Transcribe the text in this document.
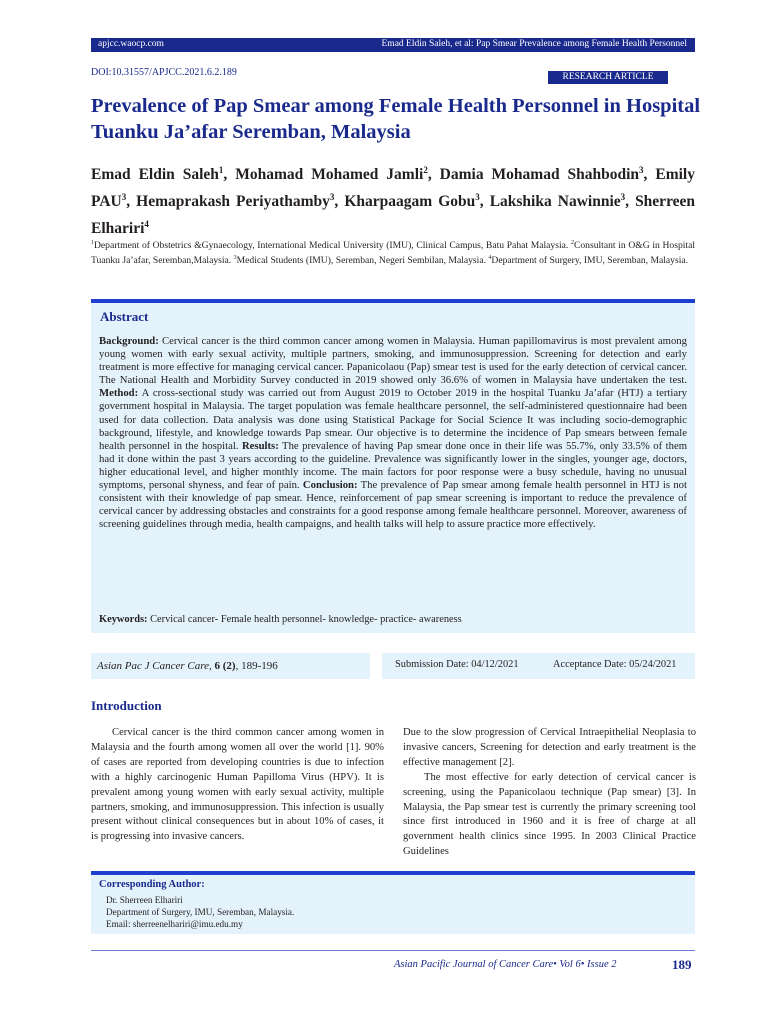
apjcc.waocp.com	Emad Eldin Saleh, et al: Pap Smear Prevalence among Female Health Personnel
DOI:10.31557/APJCC.2021.6.2.189	RESEARCH ARTICLE
Prevalence of Pap Smear among Female Health Personnel in Hospital Tuanku Ja’afar Seremban, Malaysia

Emad Eldin Saleh$^1$, Mohamad Mohamed Jamli$^2$, Damia Mohamad Shahbodin$^3$, Emily PAU$^3$, Hemaprakash Periyathamby$^3$, Kharpaagam Gobu$^3$, Lakshika Nawinnie$^3$, Sherreen Elhariri$^4$

$^1$Department of Obstetrics &Gynaecology, International Medical University (IMU), Clinical Campus, Batu Pahat Malaysia. $^2$Consultant in O&G in Hospital Tuanku Ja’afar, Seremban,Malaysia. $^3$Medical Students (IMU), Seremban, Negeri Sembilan, Malaysia. $^4$Department of Surgery, IMU, Seremban, Malaysia.

Abstract

Background: Cervical cancer is the third common cancer among women in Malaysia. Human papillomavirus is most prevalent among young women with early sexual activity, multiple partners, smoking, and immunosuppression. Screening for detection and early treatment is more effective for managing cervical cancer. Papanicolaou (Pap) smear test is used for the early detection of cervical cancer. The National Health and Morbidity Survey conducted in 2019 showed only 36.6% of women in Malaysia have undertaken the test. Method: A cross-sectional study was carried out from August 2019 to October 2019 in the hospital Tuanku Ja’afar (HTJ) a tertiary government hospital in Malaysia. The target population was female healthcare personnel, the self-administered questionnaire had been used for data collection. Data analysis was done using Statistical Package for Social Science It was including socio-demographic background, lifestyle, and knowledge towards Pap smear. Our objective is to determine the incidence of Pap smears between female health personnel in the hospital. Results: The prevalence of having Pap smear done once in their life was 55.7%, only 33.5% of them had it done within the past 3 years according to the guideline. Prevalence was significantly lower in the singles, younger age, doctors, higher educational level, and higher monthly income. The main factors for poor response were a busy schedule, having no unusual symptoms, personal shyness, and fear of pain. Conclusion: The prevalence of Pap smear among female health personnel in HTJ is not consistent with their knowledge of pap smear. Hence, reinforcement of pap smear screening is important to reduce the prevalence of cervical cancer by addressing obstacles and constraints for a good response among female healthcare personnel. Moreover, awareness of screening guidelines through media, health campaigns, and health talks will help to assure practice more effectively.

Keywords: Cervical cancer- Female health personnel- knowledge- practice- awareness

Asian Pac J Cancer Care, 6 (2), 189-196	Submission Date: 04/12/2021	Acceptance Date: 05/24/2021
Introduction

Cervical cancer is the third common cancer among women in Malaysia and the fourth among women all over the world [1]. 90% of cases are reported from developing countries is due to infection with a highly carcinogenic Human Papilloma Virus (HPV). It is prevalent among young women with early sexual activity, multiple partners, smoking, and immunosuppression. This infection is usually present without clinical consequences but in about 10% of cases, it is progressing into invasive cancers.

Due to the slow progression of Cervical Intraepithelial Neoplasia to invasive cancers, Screening for detection and early treatment is the effective management [2].

The most effective for early detection of cervical cancer is screening, using the Papanicolaou technique (Pap smear) [3]. In Malaysia, the Pap smear test is currently the primary screening tool since first introduced in 1960 and it is free of charge at all government health clinics since 1995. In 2003 Clinical Practice Guidelines

Corresponding Author:
Dr. Sherreen Elhariri
Department of Surgery, IMU, Seremban, Malaysia.
Email: sherreenelhariri@imu.edu.my
Asian Pacific Journal of Cancer Care• Vol 6• Issue 2	189
